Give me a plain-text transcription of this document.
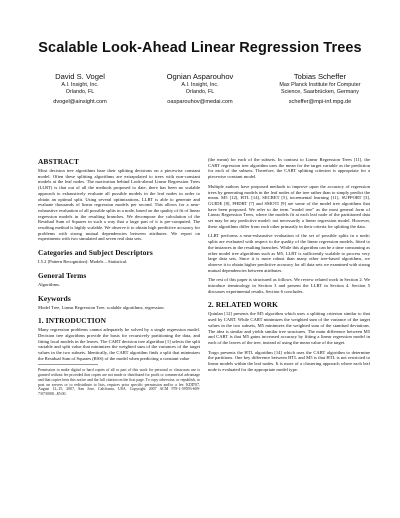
Scalable Look-Ahead Linear Regression Trees
David S. Vogel
A.I. Insight, Inc.
Orlando, FL
dvogel@ainsight.com
Ognian Asparouhov
A.I. Insight, Inc.
Orlando, FL
oasparouhov@medai.com
Tobias Scheffer
Max Planck Institute for Computer
Science, Saarbrücken, Germany
scheffer@mpi-inf.mpg.de
ABSTRACT

Most decision tree algorithms base their splitting decisions on a piecewise constant model. Often these splitting algorithms are extrapolated to trees with non-constant models at the leaf nodes. The motivation behind Look-ahead Linear Regression Trees (LLRT) is that out of all the methods proposed to date, there has been no scalable approach to exhaustively evaluate all possible models in the leaf nodes in order to obtain an optimal split. Using several optimizations, LLRT is able to generate and evaluate thousands of linear regression models per second. This allows for a near-exhaustive evaluation of all possible splits in a node, based on the quality of fit of linear regression models in the resulting branches. We decompose the calculation of the Residual Sum of Squares in such a way that a large part of it is pre-computed. The resulting method is highly scalable. We observe it to obtain high predictive accuracy for problems with strong mutual dependencies between attributes. We report on experiments with two simulated and seven real data sets.

Categories and Subject Descriptors

I.5.2 [Pattern Recognition]: Models – Statistical.

General Terms

Algorithms.

Keywords

Model Tree, Linear Regression Tree, scalable algorithms, regression.

1. INTRODUCTION

Many regression problems cannot adequately be solved by a single regression model. Decision tree algorithms provide the basis for recursively partitioning the data, and fitting local models in the leaves. The CART decision tree algorithm [1] selects the split variable and split value that minimizes the weighted sum of the variances of the target values in the two subsets. Identically, the CART algorithm finds a split that minimizes the Residual Sum of Squares (RSS) of the model when predicting a constant value

Permission to make digital or hard copies of all or part of this work for personal or classroom use is granted without fee provided that copies are not made or distributed for profit or commercial advantage and that copies bear this notice and the full citation on the first page. To copy otherwise, or republish, to post on servers or to redistribute to lists, requires prior specific permission and/or a fee. KDD'07, August 12–15, 2007, San Jose, California, USA. Copyright 2007 ACM 978-1-59593-609-7/07/0008...$5.00.

(the mean) for each of the subsets. In contrast to Linear Regression Trees [11], the CART regression tree algorithm uses the mean for the target variable as the prediction for each of the subsets. Therefore, the CART splitting criterion is appropriate for a piecewise constant model.

Multiple authors have proposed methods to improve upon the accuracy of regression trees by generating models in the leaf nodes of the tree rather than to simply predict the mean. M5 [12], HTL [14], SECRET [5], incremental learning [11], SUPPORT [3], GUIDE [8], PHDRT [7] and SMOTI [9] are some of the model tree algorithms that have been proposed. We refer to the term "model tree" as the most general form of Linear Regression Trees, where the models fit at each leaf node of the partitioned data set may be any predictive model; not necessarily a linear regression model. However, these algorithms differ from each other primarily in their criteria for splitting the data.

LLRT performs a near-exhaustive evaluation of the set of possible splits in a node; splits are evaluated with respect to the quality of the linear regression models, fitted to the instances in the resulting branches. While this algorithm can be a time consuming as other model tree algorithms such as M5, LLRT is sufficiently scalable to process very large data sets. Since it is more robust than many other tree-based algorithms, we observe it to obtain higher predictive accuracy for all data sets we examined with strong mutual dependencies between attributes.

The rest of this paper is structured as follows. We review related work in Section 2. We introduce terminology in Section 3 and present the LLRT in Section 4. Section 5 discusses experimental results, Section 6 concludes.

2. RELATED WORK

Quinlan [12] presents the M5 algorithm which uses a splitting criterion similar to that used by CART. While CART minimizes the weighted sum of the variance of the target values in the two subsets, M5 minimizes the weighted sum of the standard deviations. The idea is similar and yields similar tree structures. The main difference between M5 and CART is that M5 gains increased accuracy by fitting a linear regression model in each of the leaves of the tree, instead of using the mean value of the target.

Torgo presents the HTL algorithm [14] which uses the CART algorithm to determine the partitions. One key difference between HTL and M5 is that HTL is not restricted to linear models within the leaf nodes. It is more of a clustering approach where each leaf node is evaluated for the appropriate model type.
